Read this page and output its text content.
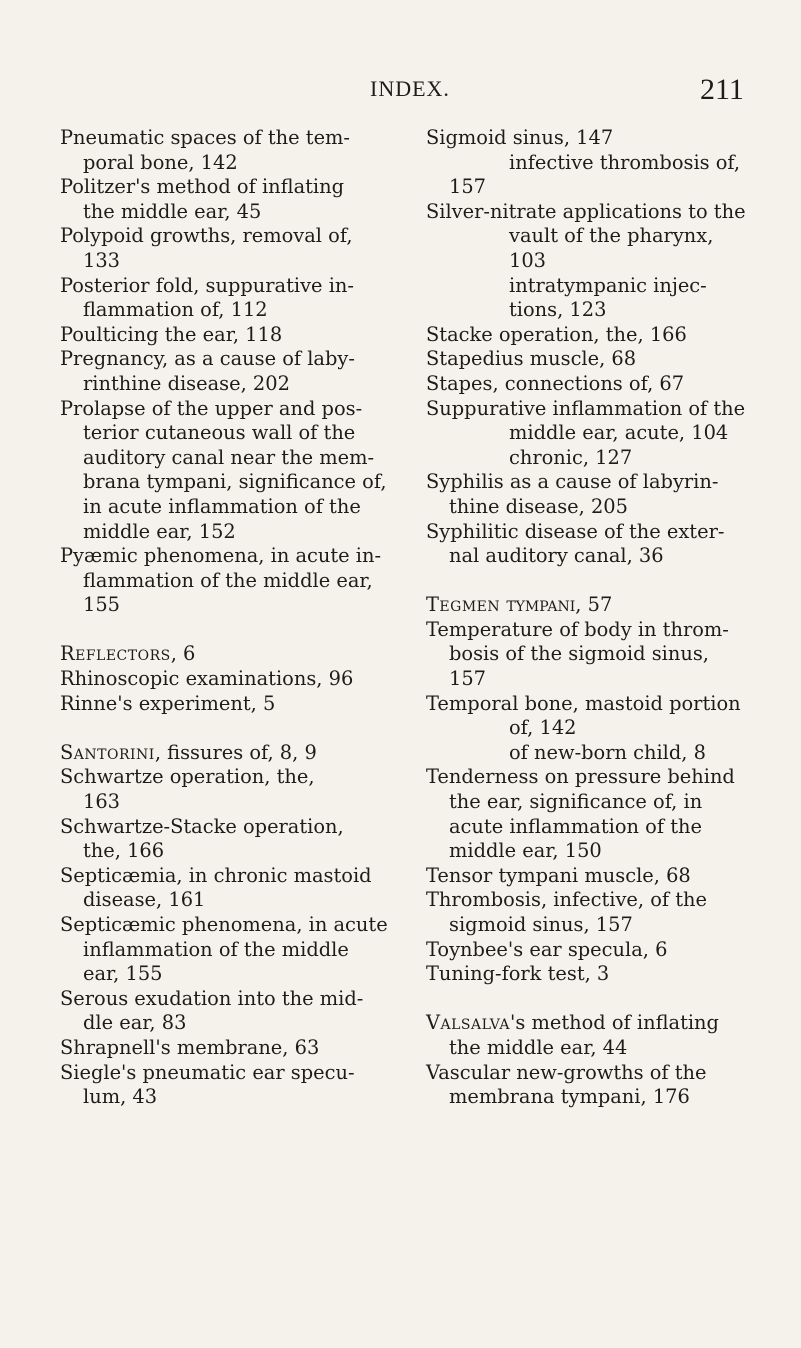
INDEX.	211
Pneumatic spaces of the tem-
poral bone, 142
Politzer's method of inflating
the middle ear, 45
Polypoid growths, removal of,
133
Posterior fold, suppurative in-
flammation of, 112
Poulticing the ear, 118
Pregnancy, as a cause of laby-
rinthine disease, 202
Prolapse of the upper and pos-
terior cutaneous wall of the
auditory canal near the mem-
brana tympani, significance of,
in acute inflammation of the
middle ear, 152
Pyæmic phenomena, in acute in-
flammation of the middle ear,
155
Reflectors, 6
Rhinoscopic examinations, 96
Rinne's experiment, 5
Santorini, fissures of, 8, 9
Schwartze operation, the,
163
Schwartze-Stacke operation,
the, 166
Septicæmia, in chronic mastoid
disease, 161
Septicæmic phenomena, in acute
inflammation of the middle
ear, 155
Serous exudation into the mid-
dle ear, 83
Shrapnell's membrane, 63
Siegle's pneumatic ear specu-
lum, 43
Sigmoid sinus, 147
infective thrombosis of,
157
Silver-nitrate applications to the
vault of the pharynx,
103
intratympanic injec-
tions, 123
Stacke operation, the, 166
Stapedius muscle, 68
Stapes, connections of, 67
Suppurative inflammation of the
middle ear, acute, 104
chronic, 127
Syphilis as a cause of labyrin-
thine disease, 205
Syphilitic disease of the exter-
nal auditory canal, 36
Tegmen tympani, 57
Temperature of body in throm-
bosis of the sigmoid sinus,
157
Temporal bone, mastoid portion
of, 142
of new-born child, 8
Tenderness on pressure behind
the ear, significance of, in
acute inflammation of the
middle ear, 150
Tensor tympani muscle, 68
Thrombosis, infective, of the
sigmoid sinus, 157
Toynbee's ear specula, 6
Tuning-fork test, 3
Valsalva's method of inflating
the middle ear, 44
Vascular new-growths of the
membrana tympani, 176
